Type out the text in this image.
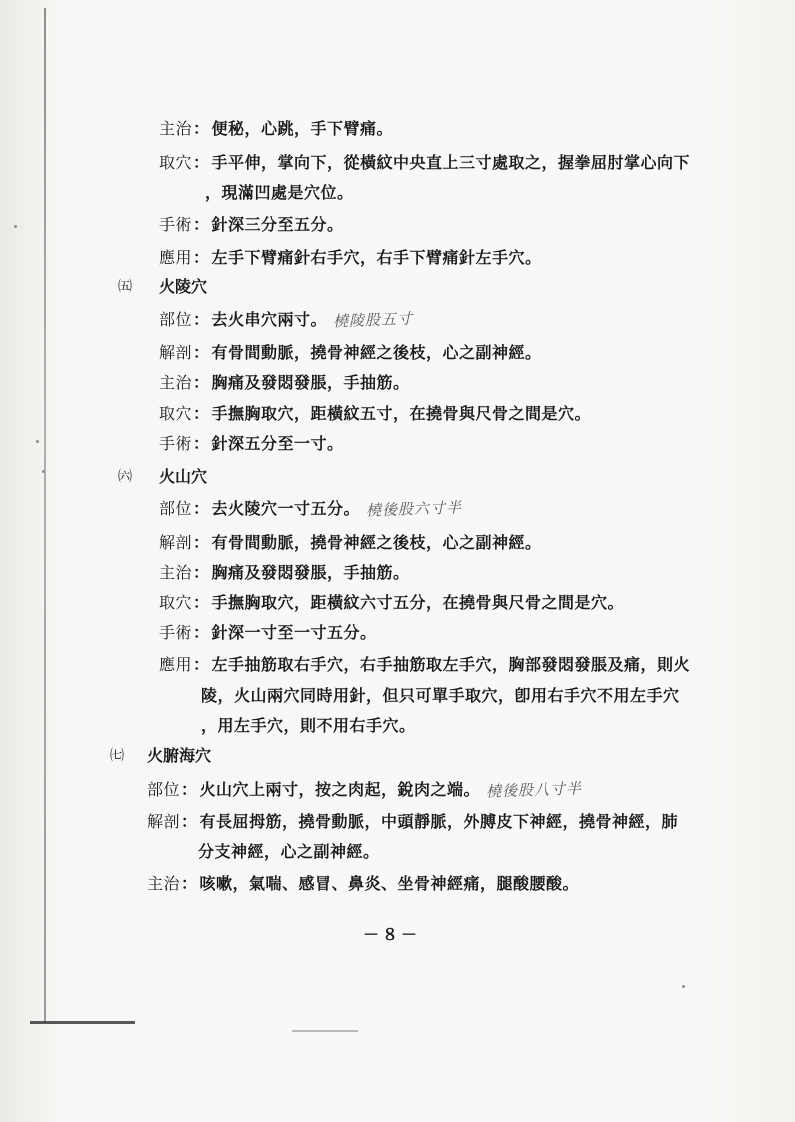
主治： 便秘，心跳，手下臂痛。
取穴： 手平伸，掌向下，從橫紋中央直上三寸處取之，握拳屈肘掌心向下
，現滿凹處是穴位。
手術： 針深三分至五分。
應用： 左手下臂痛針右手穴，右手下臂痛針左手穴。
㈤ 火陵穴
部位： 去火串穴兩寸。 橈陵股五寸
解剖： 有骨間動脈，撓骨神經之後枝，心之副神經。
主治： 胸痛及發悶發脹，手抽筋。
取穴： 手撫胸取穴，距橫紋五寸，在撓骨與尺骨之間是穴。
手術： 針深五分至一寸。
㈥ 火山穴
部位： 去火陵穴一寸五分。 橈後股六寸半
解剖： 有骨間動脈，撓骨神經之後枝，心之副神經。
主治： 胸痛及發悶發脹，手抽筋。
取穴： 手撫胸取穴，距橫紋六寸五分，在撓骨與尺骨之間是穴。
手術： 針深一寸至一寸五分。
應用： 左手抽筋取右手穴，右手抽筋取左手穴，胸部發悶發脹及痛，則火
陵，火山兩穴同時用針，但只可單手取穴，卽用右手穴不用左手穴
，用左手穴，則不用右手穴。
㈦ 火腑海穴
部位： 火山穴上兩寸，按之肉起，銳肉之端。 橈後股八寸半
解剖： 有長屈拇筋，撓骨動脈，中頭靜脈，外膊皮下神經，撓骨神經，肺
分支神經，心之副神經。
主治： 咳嗽，氣喘、感冒、鼻炎、坐骨神經痛，腿酸腰酸。
－８－
